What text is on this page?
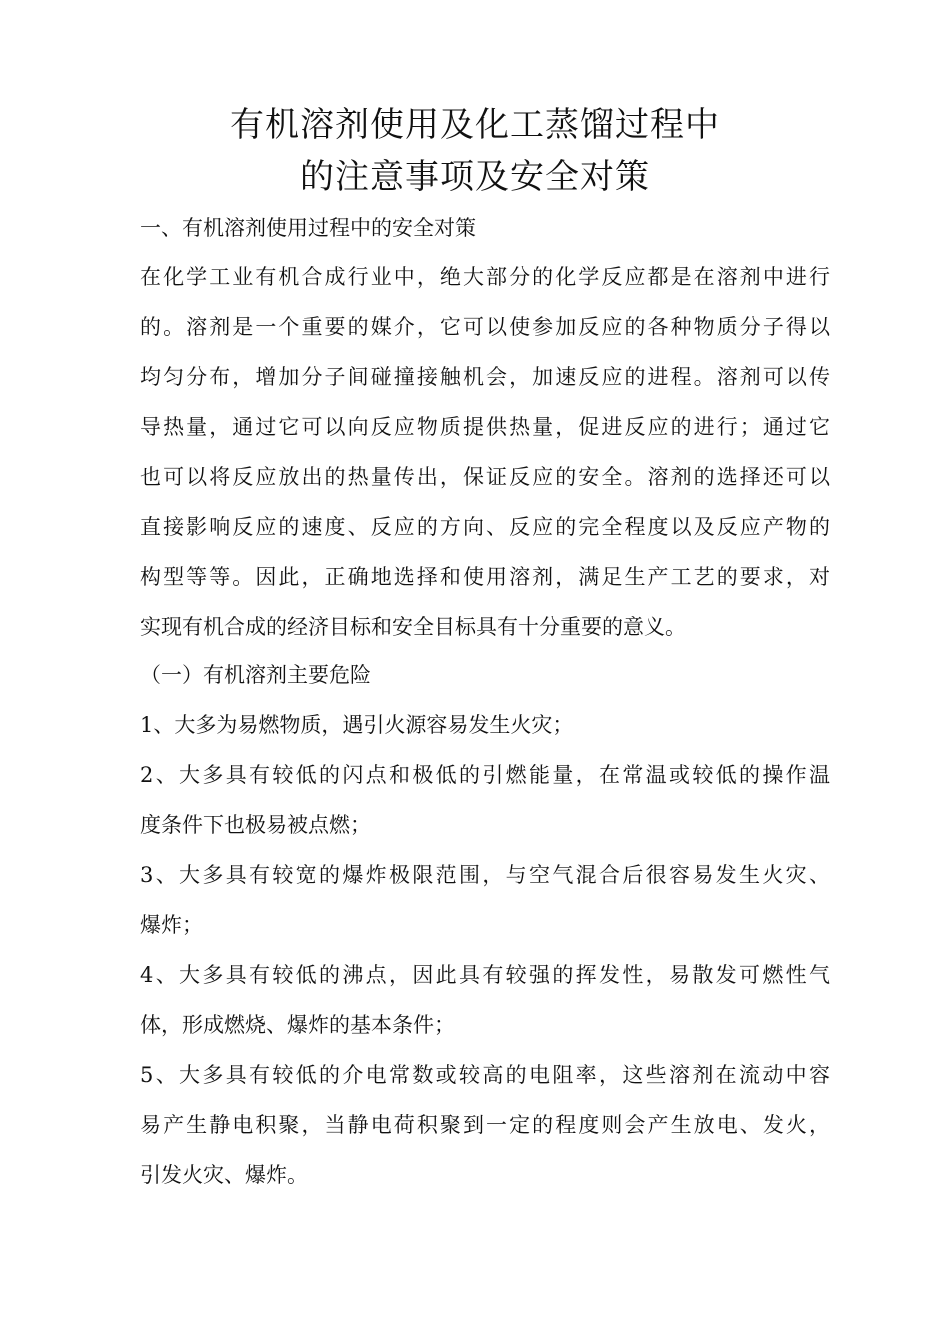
有机溶剂使用及化工蒸馏过程中
的注意事项及安全对策

一、有机溶剂使用过程中的安全对策

在化学工业有机合成行业中，绝大部分的化学反应都是在溶剂中进行

的。溶剂是一个重要的媒介，它可以使参加反应的各种物质分子得以

均匀分布，增加分子间碰撞接触机会，加速反应的进程。溶剂可以传

导热量，通过它可以向反应物质提供热量，促进反应的进行；通过它

也可以将反应放出的热量传出，保证反应的安全。溶剂的选择还可以

直接影响反应的速度、反应的方向、反应的完全程度以及反应产物的

构型等等。因此，正确地选择和使用溶剂，满足生产工艺的要求，对

实现有机合成的经济目标和安全目标具有十分重要的意义。

（一）有机溶剂主要危险

1、大多为易燃物质，遇引火源容易发生火灾；

2、大多具有较低的闪点和极低的引燃能量，在常温或较低的操作温

度条件下也极易被点燃；

3、大多具有较宽的爆炸极限范围，与空气混合后很容易发生火灾、

爆炸；

4、大多具有较低的沸点，因此具有较强的挥发性，易散发可燃性气

体，形成燃烧、爆炸的基本条件；

5、大多具有较低的介电常数或较高的电阻率，这些溶剂在流动中容

易产生静电积聚，当静电荷积聚到一定的程度则会产生放电、发火，

引发火灾、爆炸。
